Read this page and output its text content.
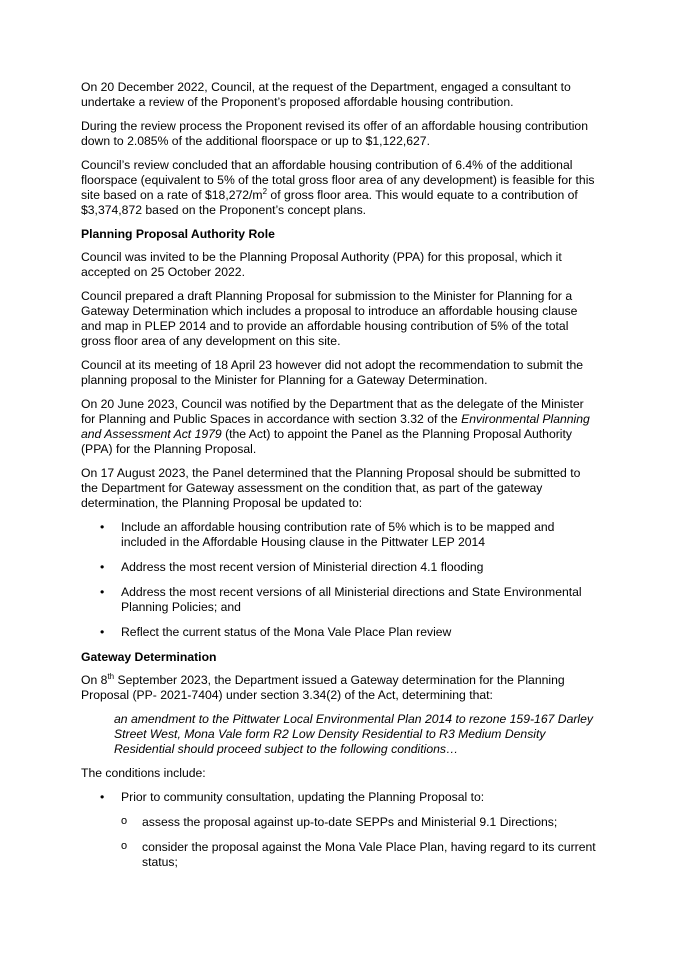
On 20 December 2022, Council, at the request of the Department, engaged a consultant to undertake a review of the Proponent’s proposed affordable housing contribution.

During the review process the Proponent revised its offer of an affordable housing contribution down to 2.085% of the additional floorspace or up to $1,122,627.

Council’s review concluded that an affordable housing contribution of 6.4% of the additional floorspace (equivalent to 5% of the total gross floor area of any development) is feasible for this site based on a rate of $\$18,272/m^2$ of gross floor area. This would equate to a contribution of $3,374,872 based on the Proponent’s concept plans.

Planning Proposal Authority Role

Council was invited to be the Planning Proposal Authority (PPA) for this proposal, which it accepted on 25 October 2022.

Council prepared a draft Planning Proposal for submission to the Minister for Planning for a Gateway Determination which includes a proposal to introduce an affordable housing clause and map in PLEP 2014 and to provide an affordable housing contribution of 5% of the total gross floor area of any development on this site.

Council at its meeting of 18 April 23 however did not adopt the recommendation to submit the planning proposal to the Minister for Planning for a Gateway Determination.

On 20 June 2023, Council was notified by the Department that as the delegate of the Minister for Planning and Public Spaces in accordance with section 3.32 of the Environmental Planning and Assessment Act 1979 (the Act) to appoint the Panel as the Planning Proposal Authority (PPA) for the Planning Proposal.

On 17 August 2023, the Panel determined that the Planning Proposal should be submitted to the Department for Gateway assessment on the condition that, as part of the gateway determination, the Planning Proposal be updated to:

• Include an affordable housing contribution rate of 5% which is to be mapped and included in the Affordable Housing clause in the Pittwater LEP 2014
• Address the most recent version of Ministerial direction 4.1 flooding
• Address the most recent versions of all Ministerial directions and State Environmental Planning Policies; and
• Reflect the current status of the Mona Vale Place Plan review
Gateway Determination

On 8th September 2023, the Department issued a Gateway determination for the Planning Proposal (PP- 2021-7404) under section 3.34(2) of the Act, determining that:

an amendment to the Pittwater Local Environmental Plan 2014 to rezone 159-167 Darley Street West, Mona Vale form R2 Low Density Residential to R3 Medium Density Residential should proceed subject to the following conditions…

The conditions include:

• Prior to community consultation, updating the Planning Proposal to:
o assess the proposal against up-to-date SEPPs and Ministerial 9.1 Directions;
o consider the proposal against the Mona Vale Place Plan, having regard to its current status;
